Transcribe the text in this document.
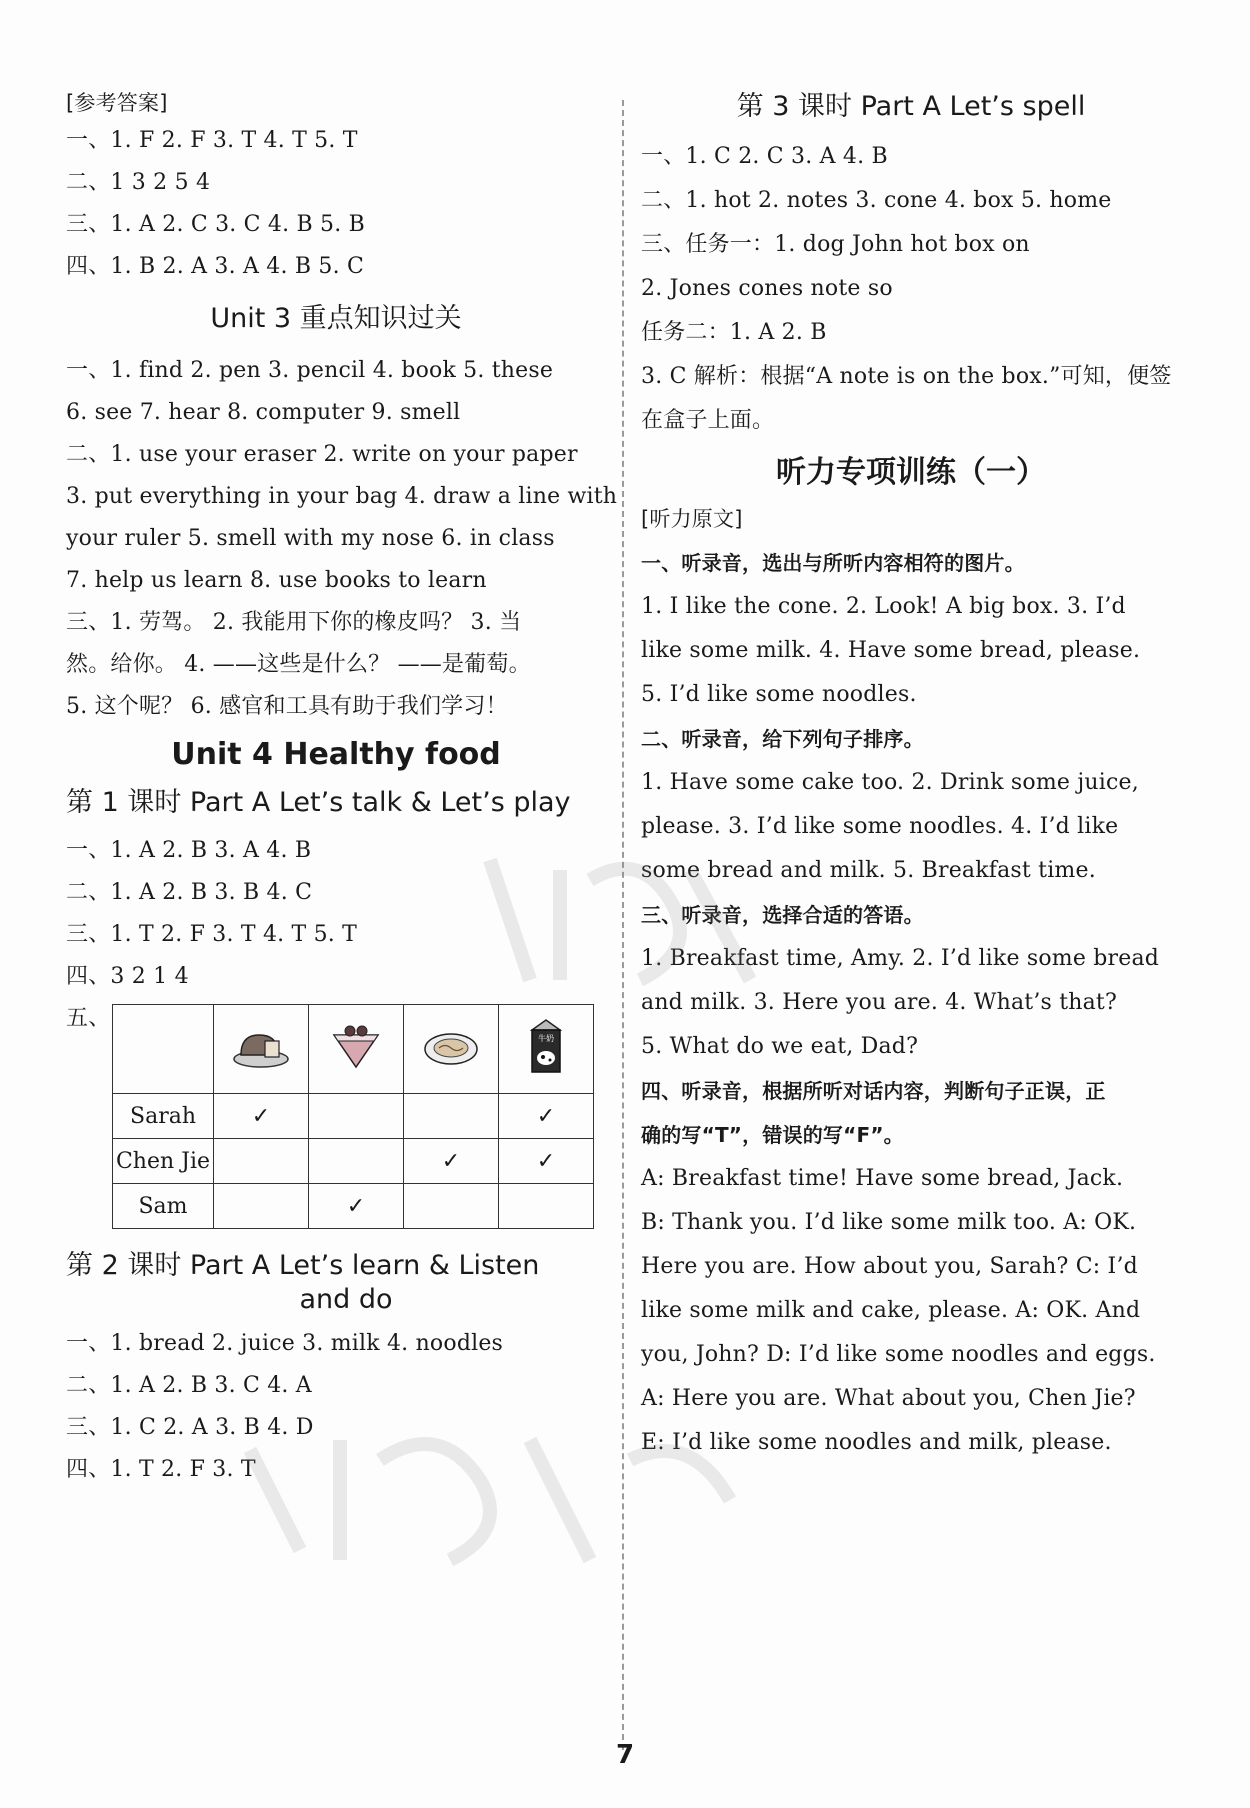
[参考答案]
一、1. F 2. F 3. T 4. T 5. T
二、1 3 2 5 4
三、1. A 2. C 3. C 4. B 5. B
四、1. B 2. A 3. A 4. B 5. C
Unit 3 重点知识过关
一、1. find 2. pen 3. pencil 4. book 5. these
6. see 7. hear 8. computer 9. smell
二、1. use your eraser 2. write on your paper
3. put everything in your bag 4. draw a line with
your ruler 5. smell with my nose 6. in class
7. help us learn 8. use books to learn
三、1. 劳驾。 2. 我能用下你的橡皮吗？ 3. 当
然。给你。 4. ——这些是什么？ ——是葡萄。
5. 这个呢？ 6. 感官和工具有助于我们学习！
Unit 4 Healthy food
第 1 课时 Part A Let’s talk & Let’s play
一、1. A 2. B 3. A 4. B
二、1. A 2. B 3. B 4. C
三、1. T 2. F 3. T 4. T 5. T
四、3 2 1 4
五、

牛奶

Sarah	✓			✓
Chen Jie			✓	✓
Sam		✓		
第 2 课时 Part A Let’s learn & Listen
and do
一、1. bread 2. juice 3. milk 4. noodles
二、1. A 2. B 3. C 4. A
三、1. C 2. A 3. B 4. D
四、1. T 2. F 3. T
第 3 课时 Part A Let’s spell
一、1. C 2. C 3. A 4. B
二、1. hot 2. notes 3. cone 4. box 5. home
三、任务一：1. dog John hot box on
2. Jones cones note so
任务二：1. A 2. B
3. C 解析：根据“A note is on the box.”可知，便签
在盒子上面。
听力专项训练（一）
[听力原文]
一、听录音，选出与所听内容相符的图片。
1. I like the cone. 2. Look! A big box. 3. I’d
like some milk. 4. Have some bread, please.
5. I’d like some noodles.
二、听录音，给下列句子排序。
1. Have some cake too. 2. Drink some juice,
please. 3. I’d like some noodles. 4. I’d like
some bread and milk. 5. Breakfast time.
三、听录音，选择合适的答语。
1. Breakfast time, Amy. 2. I’d like some bread
and milk. 3. Here you are. 4. What’s that?
5. What do we eat, Dad?
四、听录音，根据所听对话内容，判断句子正误，正
确的写“T”，错误的写“F”。
A: Breakfast time! Have some bread, Jack.
B: Thank you. I’d like some milk too. A: OK.
Here you are. How about you, Sarah? C: I’d
like some milk and cake, please. A: OK. And
you, John? D: I’d like some noodles and eggs.
A: Here you are. What about you, Chen Jie?
E: I’d like some noodles and milk, please.
7
